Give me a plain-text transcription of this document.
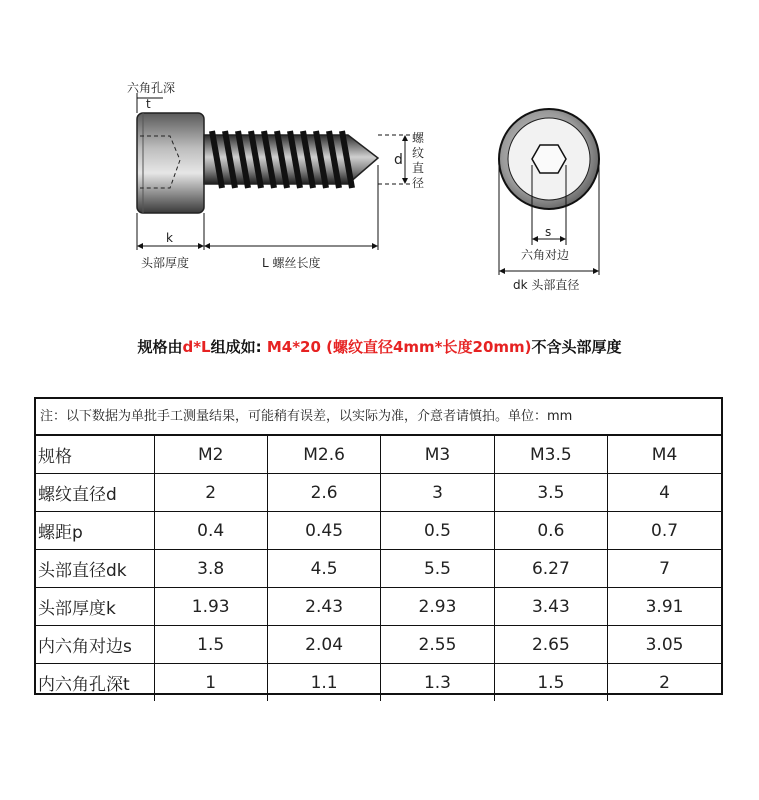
六角孔深
t
k
头部厚度	L 螺丝长度
d
螺纹直径
s
六角对边
dk 头部直径
规格由d*L组成如: M4*20 (螺纹直径4mm*长度20mm)不含头部厚度
注：以下数据为单批手工测量结果，可能稍有误差，以实际为准，介意者请慎拍。单位：mm
规格	M2	M2.6	M3	M3.5	M4
螺纹直径d	2	2.6	3	3.5	4
螺距p	0.4	0.45	0.5	0.6	0.7
头部直径dk	3.8	4.5	5.5	6.27	7
头部厚度k	1.93	2.43	2.93	3.43	3.91
内六角对边s	1.5	2.04	2.55	2.65	3.05
内六角孔深t	1	1.1	1.3	1.5	2
